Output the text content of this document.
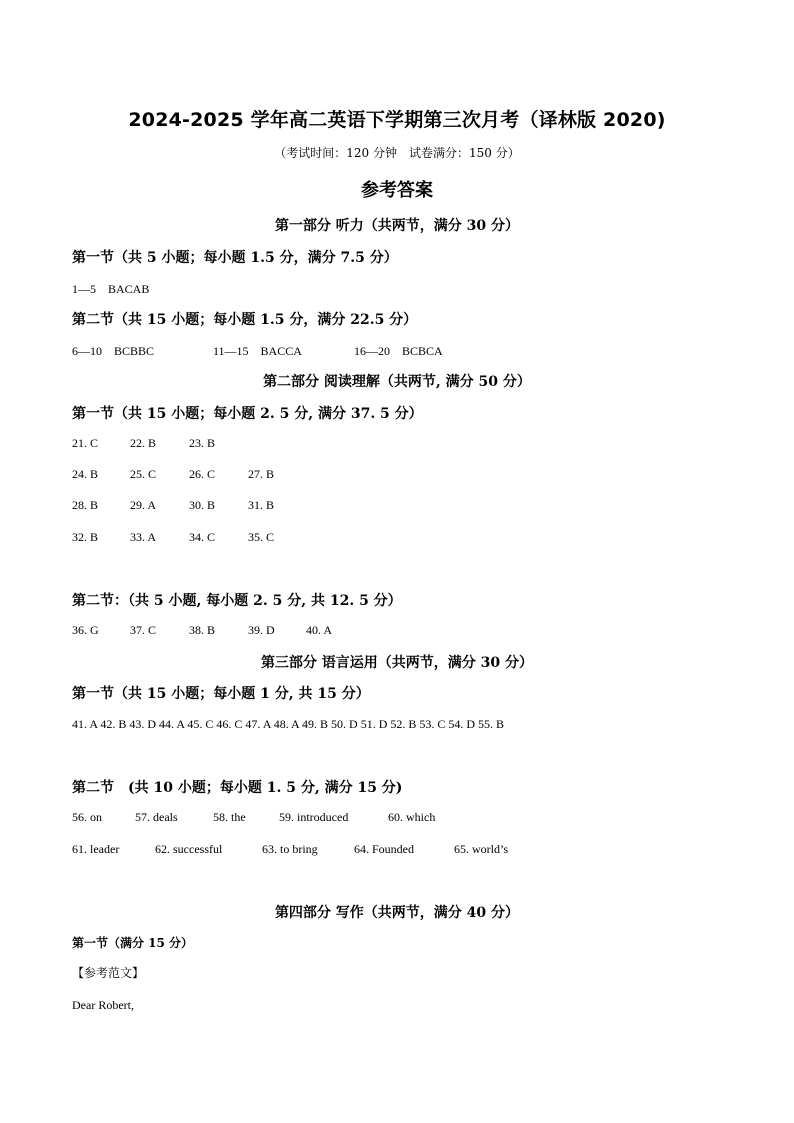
2024-2025 学年高二英语下学期第三次月考（译林版 2020)
（考试时间：120 分钟　试卷满分：150 分）
参考答案
第一部分 听力（共两节，满分 30 分）
第一节（共 5 小题；每小题 1.5 分，满分 7.5 分）
1—5　BACAB
第二节（共 15 小题；每小题 1.5 分，满分 22.5 分）
6—10　BCBBC	11—15　BACCA	16—20　BCBCA
第二部分 阅读理解（共两节, 满分 50 分）
第一节（共 15 小题；每小题 2. 5 分, 满分 37. 5 分）
21. C	22. B	23. B
24. B	25. C	26. C	27. B
28. B	29. A	30. B	31. B
32. B	33. A	34. C	35. C
第二节：（共 5 小题, 每小题 2. 5 分, 共 12. 5 分）
36. G	37. C	38. B	39. D	40. A
第三部分 语言运用（共两节，满分 30 分）
第一节（共 15 小题；每小题 1 分, 共 15 分）
41. A 42. B 43. D 44. A 45. C 46. C 47. A 48. A 49. B 50. D 51. D 52. B 53. C 54. D 55. B
第二节　(共 10 小题；每小题 1. 5 分, 满分 15 分)
56. on	57. deals	58. the	59. introduced	60. which
61. leader	62. successful	63. to bring	64. Founded	65. world’s
第四部分 写作（共两节，满分 40 分）
第一节（满分 15 分）
【参考范文】
Dear Robert,
